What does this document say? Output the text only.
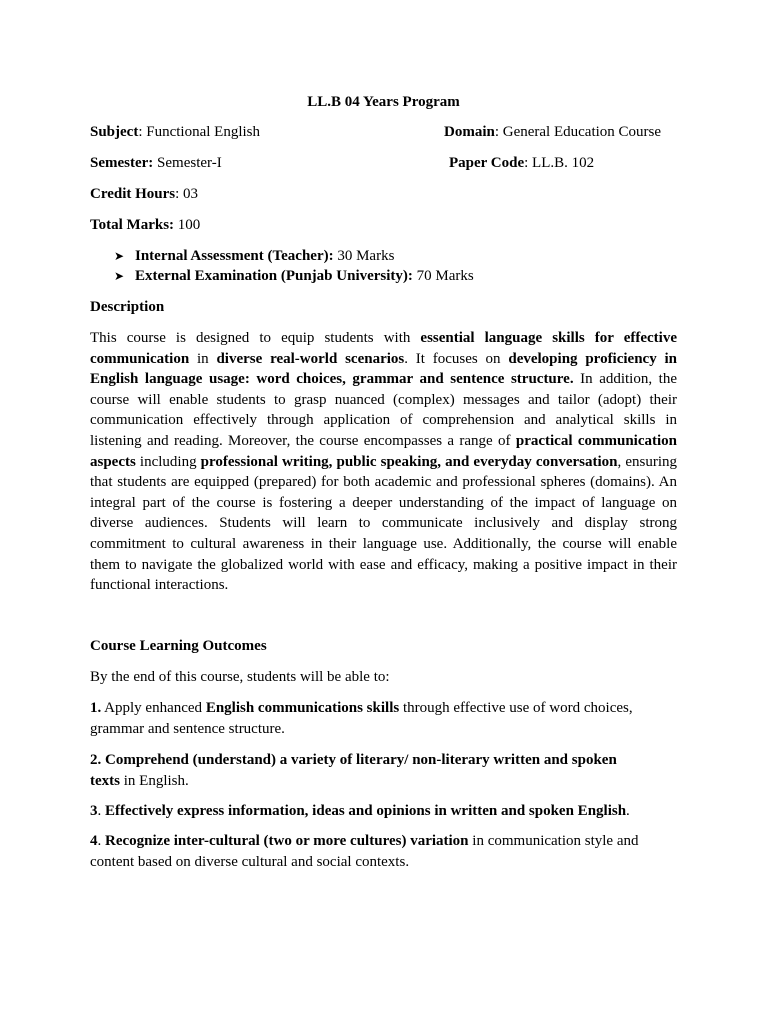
LL.B 04 Years Program
Subject: Functional English	Domain: General Education Course
Semester: Semester-I	Paper Code: LL.B. 102
Credit Hours: 03
Total Marks: 100
➤ Internal Assessment (Teacher): 30 Marks
➤ External Examination (Punjab University): 70 Marks
Description
This course is designed to equip students with essential language skills for effective communication in diverse real-world scenarios. It focuses on developing proficiency in English language usage: word choices, grammar and sentence structure. In addition, the course will enable students to grasp nuanced (complex) messages and tailor (adopt) their communication effectively through application of comprehension and analytical skills in listening and reading. Moreover, the course encompasses a range of practical communication aspects including professional writing, public speaking, and everyday conversation, ensuring that students are equipped (prepared) for both academic and professional spheres (domains). An integral part of the course is fostering a deeper understanding of the impact of language on diverse audiences. Students will learn to communicate inclusively and display strong commitment to cultural awareness in their language use. Additionally, the course will enable them to navigate the globalized world with ease and efficacy, making a positive impact in their functional interactions.
Course Learning Outcomes
By the end of this course, students will be able to:
1. Apply enhanced English communications skills through effective use of word choices, grammar and sentence structure.
2. Comprehend (understand) a variety of literary/ non-literary written and spoken texts in English.
3. Effectively express information, ideas and opinions in written and spoken English.
4. Recognize inter-cultural (two or more cultures) variation in communication style and content based on diverse cultural and social contexts.
